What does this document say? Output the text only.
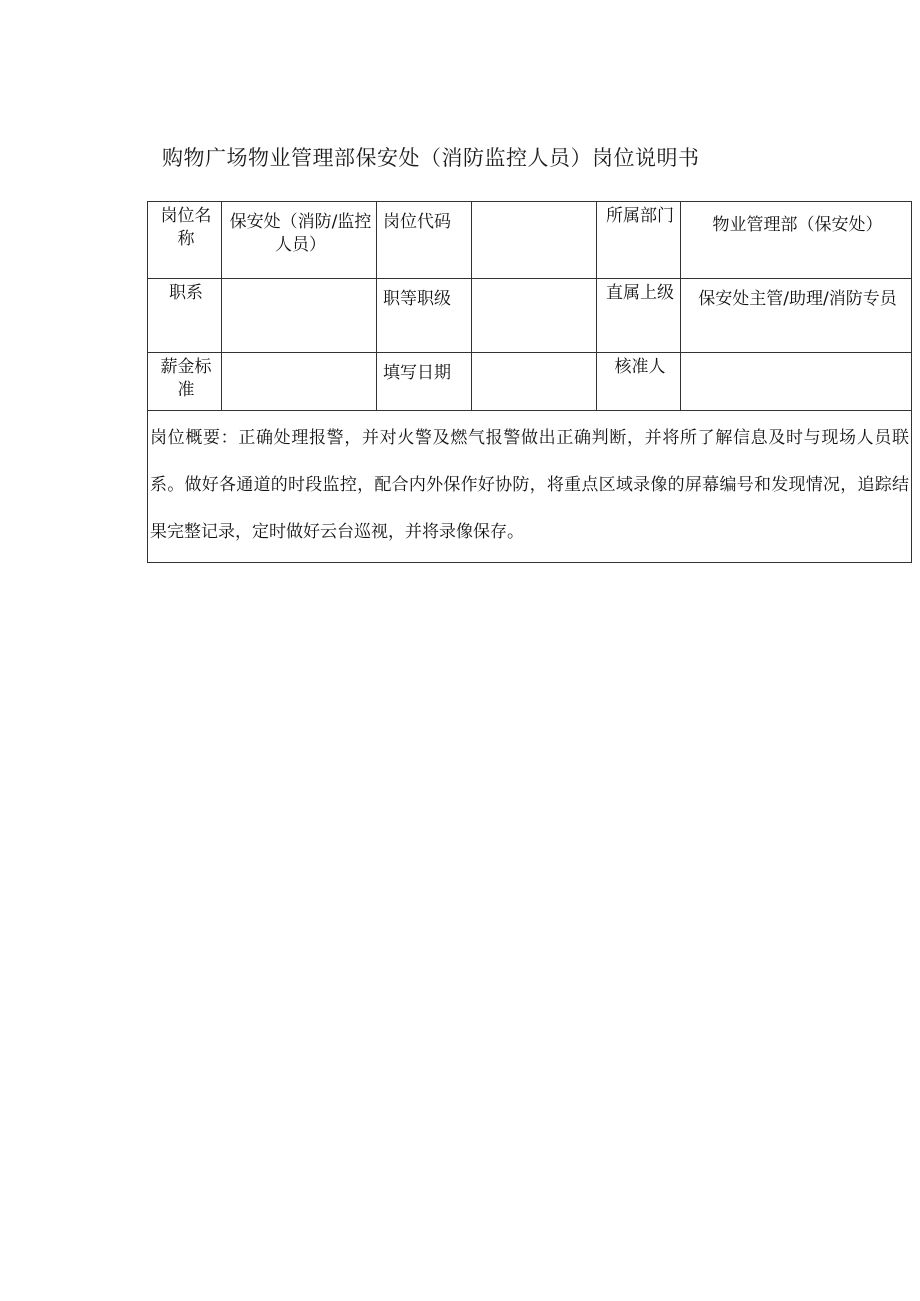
购物广场物业管理部保安处（消防监控人员）岗位说明书
岗位名称	保安处（消防/监控人员）	岗位代码		所属部门	物业管理部（保安处）
职系		职等职级		直属上级	保安处主管/助理/消防专员
薪金标准		填写日期		核准人	
岗位概要：正确处理报警，并对火警及燃气报警做出正确判断，并将所了解信息及时与现场人员联系。做好各通道的时段监控，配合内外保作好协防，将重点区域录像的屏幕编号和发现情况，追踪结果完整记录，定时做好云台巡视，并将录像保存。					
